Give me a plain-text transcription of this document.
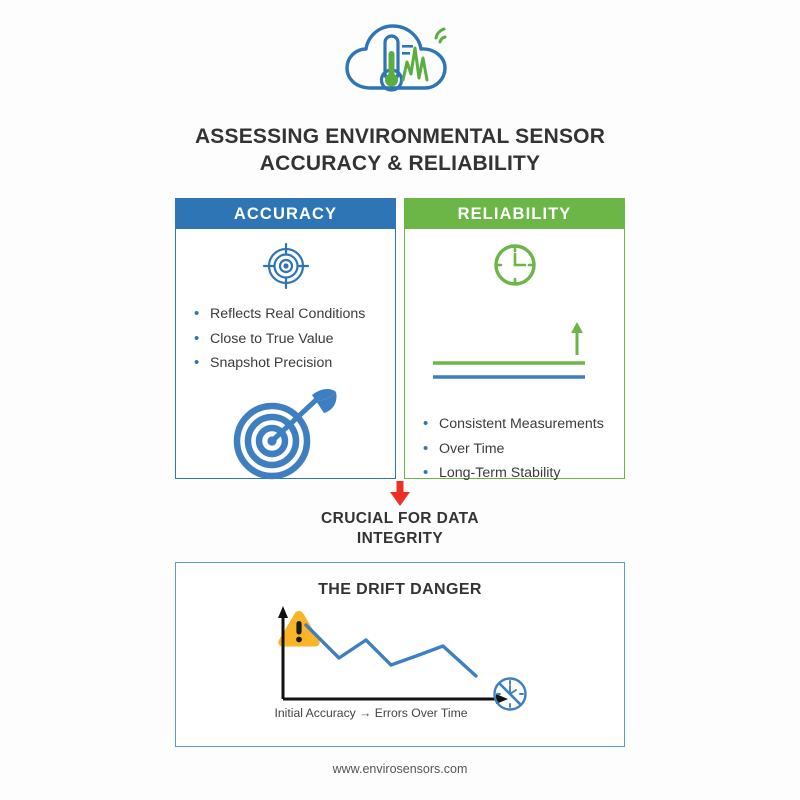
ASSESSING ENVIRONMENTAL SENSOR
ACCURACY & RELIABILITY
ACCURACY
• Reflects Real Conditions
• Close to True Value
• Snapshot Precision
RELIABILITY
• Consistent Measurements
• Over Time
• Long-Term Stability
CRUCIAL FOR DATA
INTEGRITY
THE DRIFT DANGER
Initial Accuracy → Errors Over Time
www.envirosensors.com
